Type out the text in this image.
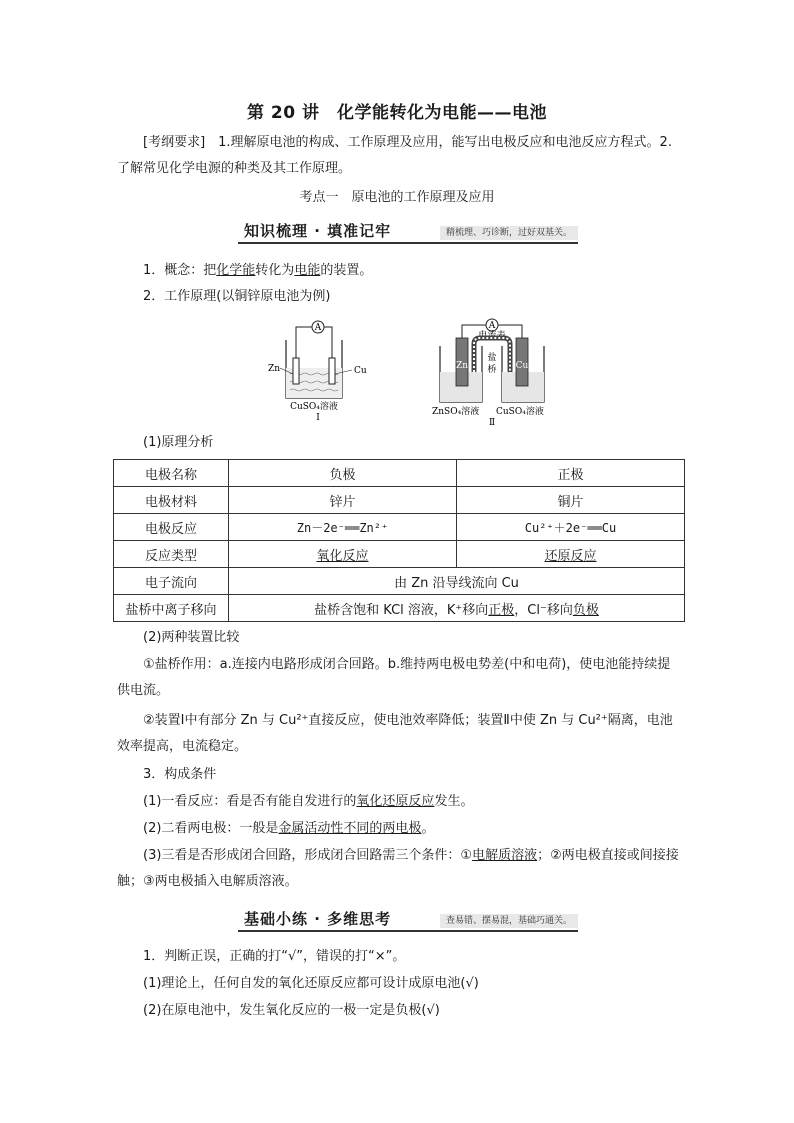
第 20 讲　化学能转化为电能——电池
[考纲要求]　1.理解原电池的构成、工作原理及应用，能写出电极反应和电池反应方程式。2.了解常见化学电源的种类及其工作原理。
考点一　原电池的工作原理及应用
知识梳理 · 填准记牢	精梳理、巧诊断，过好双基关。
1．概念：把化学能转化为电能的装置。
2．工作原理(以铜锌原电池为例)
A
Zn	Cu
CuSO₄溶液
Ⅰ
A
电流表
盐
桥
Zn	Cu
ZnSO₄溶液 CuSO₄溶液
Ⅱ
(1)原理分析
电极名称	负极	正极
电极材料	锌片	铜片
电极反应	Zn－2e⁻══Zn²⁺	Cu²⁺＋2e⁻══Cu
反应类型	氧化反应	还原反应
电子流向	由 Zn 沿导线流向 Cu	
盐桥中离子移向	盐桥含饱和 KCl 溶液，K⁺移向正极，Cl⁻移向负极	
(2)两种装置比较
①盐桥作用：a.连接内电路形成闭合回路。b.维持两电极电势差(中和电荷)，使电池能持续提供电流。
②装置Ⅰ中有部分 Zn 与 Cu²⁺直接反应，使电池效率降低；装置Ⅱ中使 Zn 与 Cu²⁺隔离，电池效率提高，电流稳定。
3．构成条件
(1)一看反应：看是否有能自发进行的氧化还原反应发生。
(2)二看两电极：一般是金属活动性不同的两电极。
(3)三看是否形成闭合回路，形成闭合回路需三个条件：①电解质溶液；②两电极直接或间接接触；③两电极插入电解质溶液。
基础小练 · 多维思考	查易错、摆易混，基础巧通关。
1．判断正误，正确的打“√”，错误的打“×”。
(1)理论上，任何自发的氧化还原反应都可设计成原电池(√)
(2)在原电池中，发生氧化反应的一极一定是负极(√)
